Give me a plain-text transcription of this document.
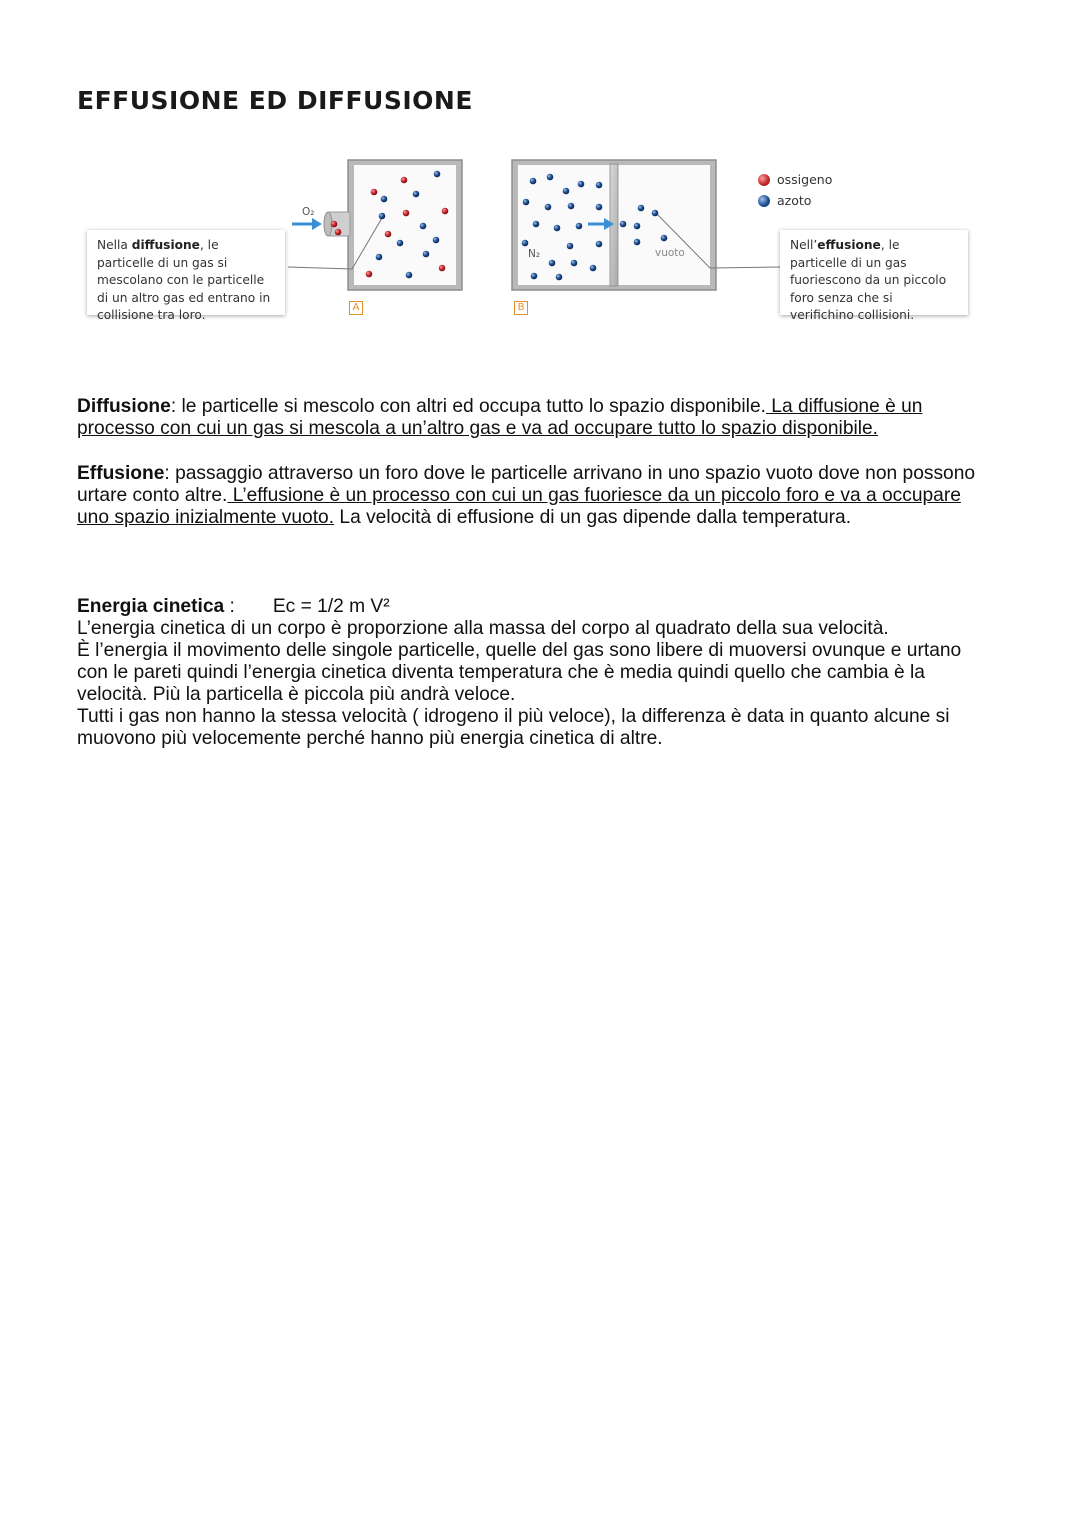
EFFUSIONE ED DIFFUSIONE
O₂
N₂	vuoto
A	B
Nella diffusione, le particelle di un gas si mescolano con le particelle di un altro gas ed entrano in collisione tra loro.
Nell’effusione, le particelle di un gas fuoriescono da un piccolo foro senza che si verifichino collisioni.
ossigeno
azoto

Diffusione: le particelle si mescolo con altri ed occupa tutto lo spazio disponibile. La diffusione è un processo con cui un gas si mescola a un’altro gas e va ad occupare tutto lo spazio disponibile.

Effusione: passaggio attraverso un foro dove le particelle arrivano in uno spazio vuoto dove non possono urtare conto altre. L’effusione è un processo con cui un gas fuoriesce da un piccolo foro e va a occupare uno spazio inizialmente vuoto. La velocità di effusione di un gas dipende dalla temperatura.

Energia cinetica : Ec = 1/2 m V²

L’energia cinetica di un corpo è proporzione alla massa del corpo al quadrato della sua velocità.

È l’energia il movimento delle singole particelle, quelle del gas sono libere di muoversi ovunque e urtano con le pareti quindi l’energia cinetica diventa temperatura che è media quindi quello che cambia è la velocità. Più la particella è piccola più andrà veloce.

Tutti i gas non hanno la stessa velocità ( idrogeno il più veloce), la differenza è data in quanto alcune si muovono più velocemente perché hanno più energia cinetica di altre.
